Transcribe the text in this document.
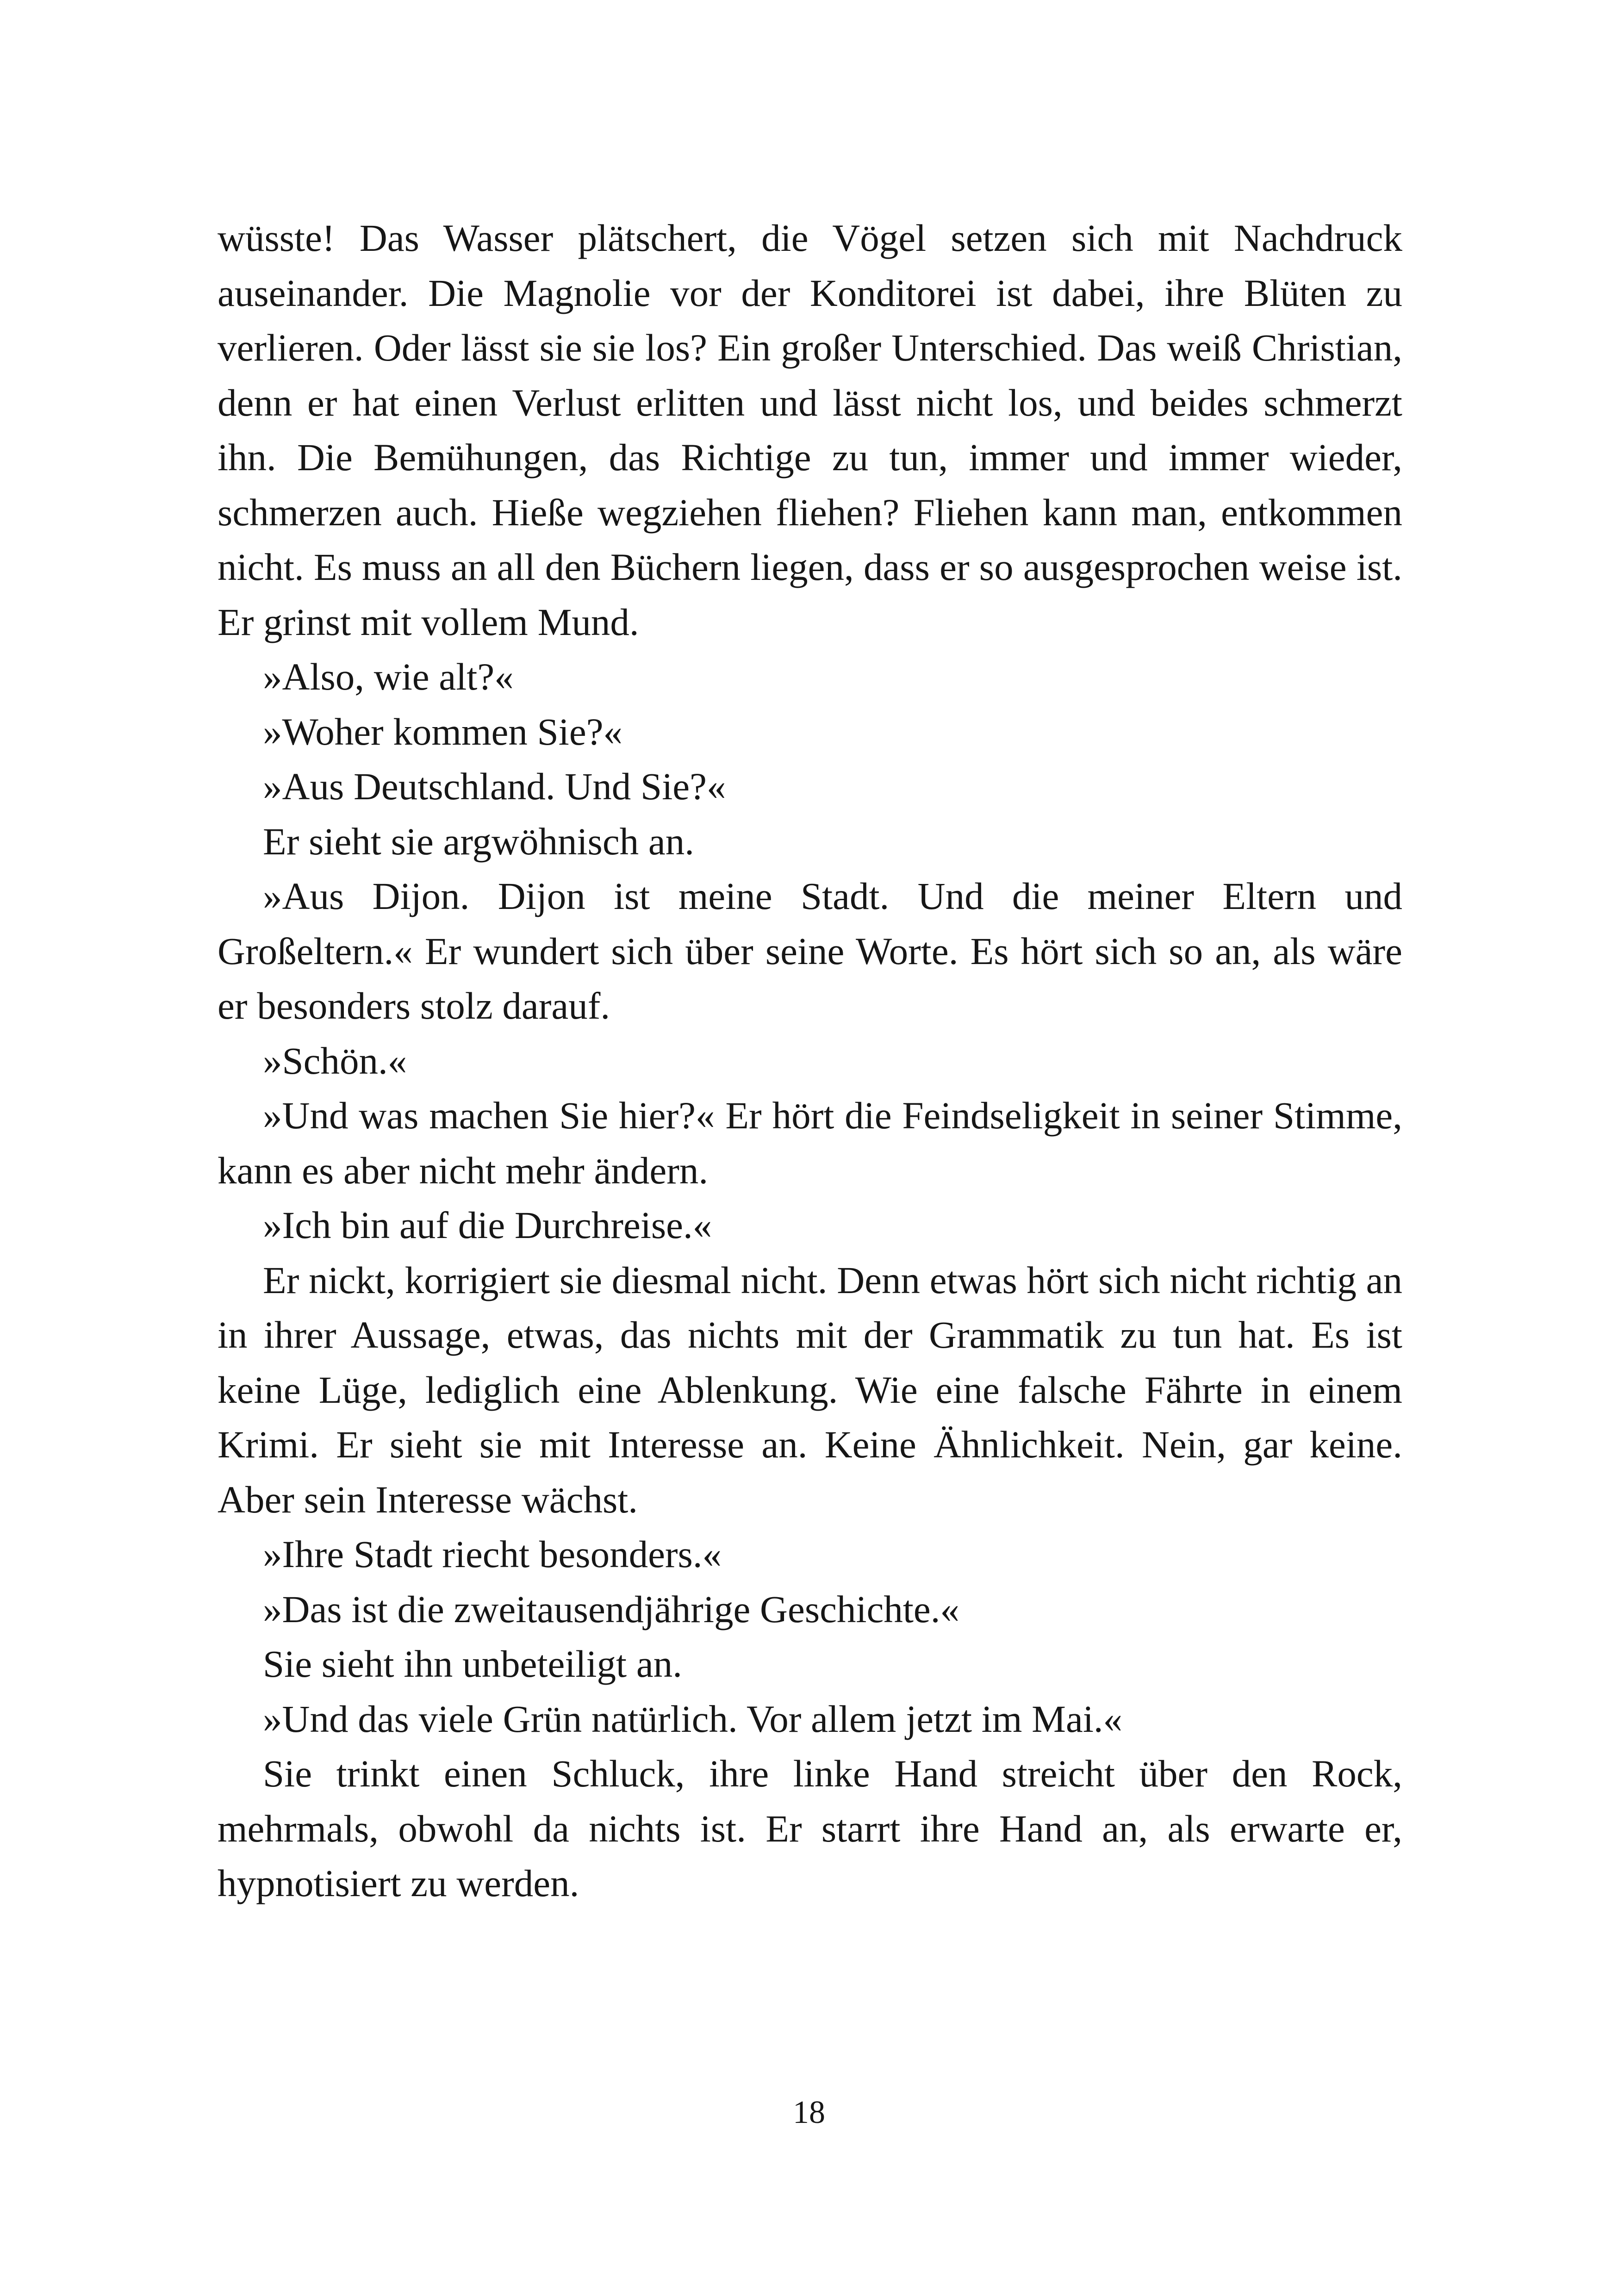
wüsste! Das Wasser plätschert, die Vögel setzen sich mit Nachdruck auseinander. Die Magnolie vor der Konditorei ist dabei, ihre Blüten zu verlieren. Oder lässt sie sie los? Ein großer Unterschied. Das weiß Christian, denn er hat einen Verlust erlitten und lässt nicht los, und beides schmerzt ihn. Die Bemühungen, das Richtige zu tun, immer und immer wieder, schmerzen auch. Hieße wegziehen fliehen? Fliehen kann man, entkommen nicht. Es muss an all den Büchern liegen, dass er so ausgesprochen weise ist. Er grinst mit vollem Mund.

»Also, wie alt?«

»Woher kommen Sie?«

»Aus Deutschland. Und Sie?«

Er sieht sie argwöhnisch an.

»Aus Dijon. Dijon ist meine Stadt. Und die meiner Eltern und Großeltern.« Er wundert sich über seine Worte. Es hört sich so an, als wäre er besonders stolz darauf.

»Schön.«

»Und was machen Sie hier?« Er hört die Feindseligkeit in seiner Stimme, kann es aber nicht mehr ändern.

»Ich bin auf die Durchreise.«

Er nickt, korrigiert sie diesmal nicht. Denn etwas hört sich nicht richtig an in ihrer Aussage, etwas, das nichts mit der Grammatik zu tun hat. Es ist keine Lüge, lediglich eine Ablenkung. Wie eine falsche Fährte in einem Krimi. Er sieht sie mit Interesse an. Keine Ähnlichkeit. Nein, gar keine. Aber sein Interesse wächst.

»Ihre Stadt riecht besonders.«

»Das ist die zweitausendjährige Geschichte.«

Sie sieht ihn unbeteiligt an.

»Und das viele Grün natürlich. Vor allem jetzt im Mai.«

Sie trinkt einen Schluck, ihre linke Hand streicht über den Rock, mehrmals, obwohl da nichts ist. Er starrt ihre Hand an, als erwarte er, hypnotisiert zu werden.

18
